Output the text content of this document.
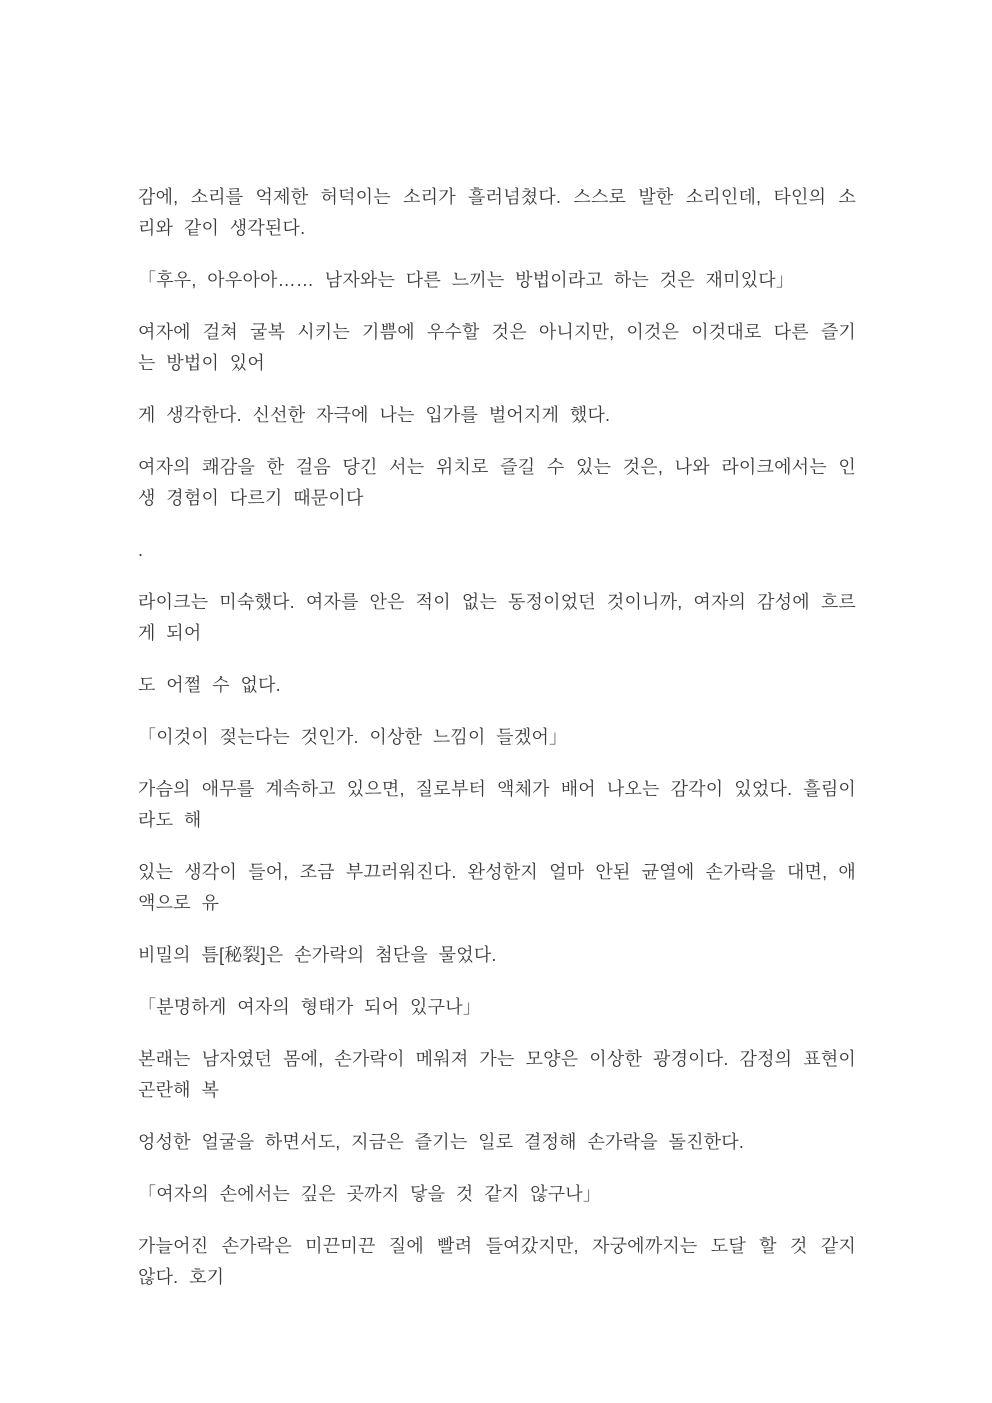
감에, 소리를 억제한 허덕이는 소리가 흘러넘쳤다. 스스로 발한 소리인데, 타인의 소리와 같이 생각된다.

「후우, 아우아아…… 남자와는 다른 느끼는 방법이라고 하는 것은 재미있다」

여자에 걸쳐 굴복 시키는 기쁨에 우수할 것은 아니지만, 이것은 이것대로 다른 즐기는 방법이 있어

게 생각한다. 신선한 자극에 나는 입가를 벌어지게 했다.

여자의 쾌감을 한 걸음 당긴 서는 위치로 즐길 수 있는 것은, 나와 라이크에서는 인생 경험이 다르기 때문이다

.

라이크는 미숙했다. 여자를 안은 적이 없는 동정이었던 것이니까, 여자의 감성에 흐르게 되어

도 어쩔 수 없다.

「이것이 젖는다는 것인가. 이상한 느낌이 들겠어」

가슴의 애무를 계속하고 있으면, 질로부터 액체가 배어 나오는 감각이 있었다. 흘림이라도 해

있는 생각이 들어, 조금 부끄러워진다. 완성한지 얼마 안된 균열에 손가락을 대면, 애액으로 유

비밀의 틈[秘裂]은 손가락의 첨단을 물었다.

「분명하게 여자의 형태가 되어 있구나」

본래는 남자였던 몸에, 손가락이 메워져 가는 모양은 이상한 광경이다. 감정의 표현이 곤란해 복

엉성한 얼굴을 하면서도, 지금은 즐기는 일로 결정해 손가락을 돌진한다.

「여자의 손에서는 깊은 곳까지 닿을 것 같지 않구나」

가늘어진 손가락은 미끈미끈 질에 빨려 들여갔지만, 자궁에까지는 도달 할 것 같지 않다. 호기
